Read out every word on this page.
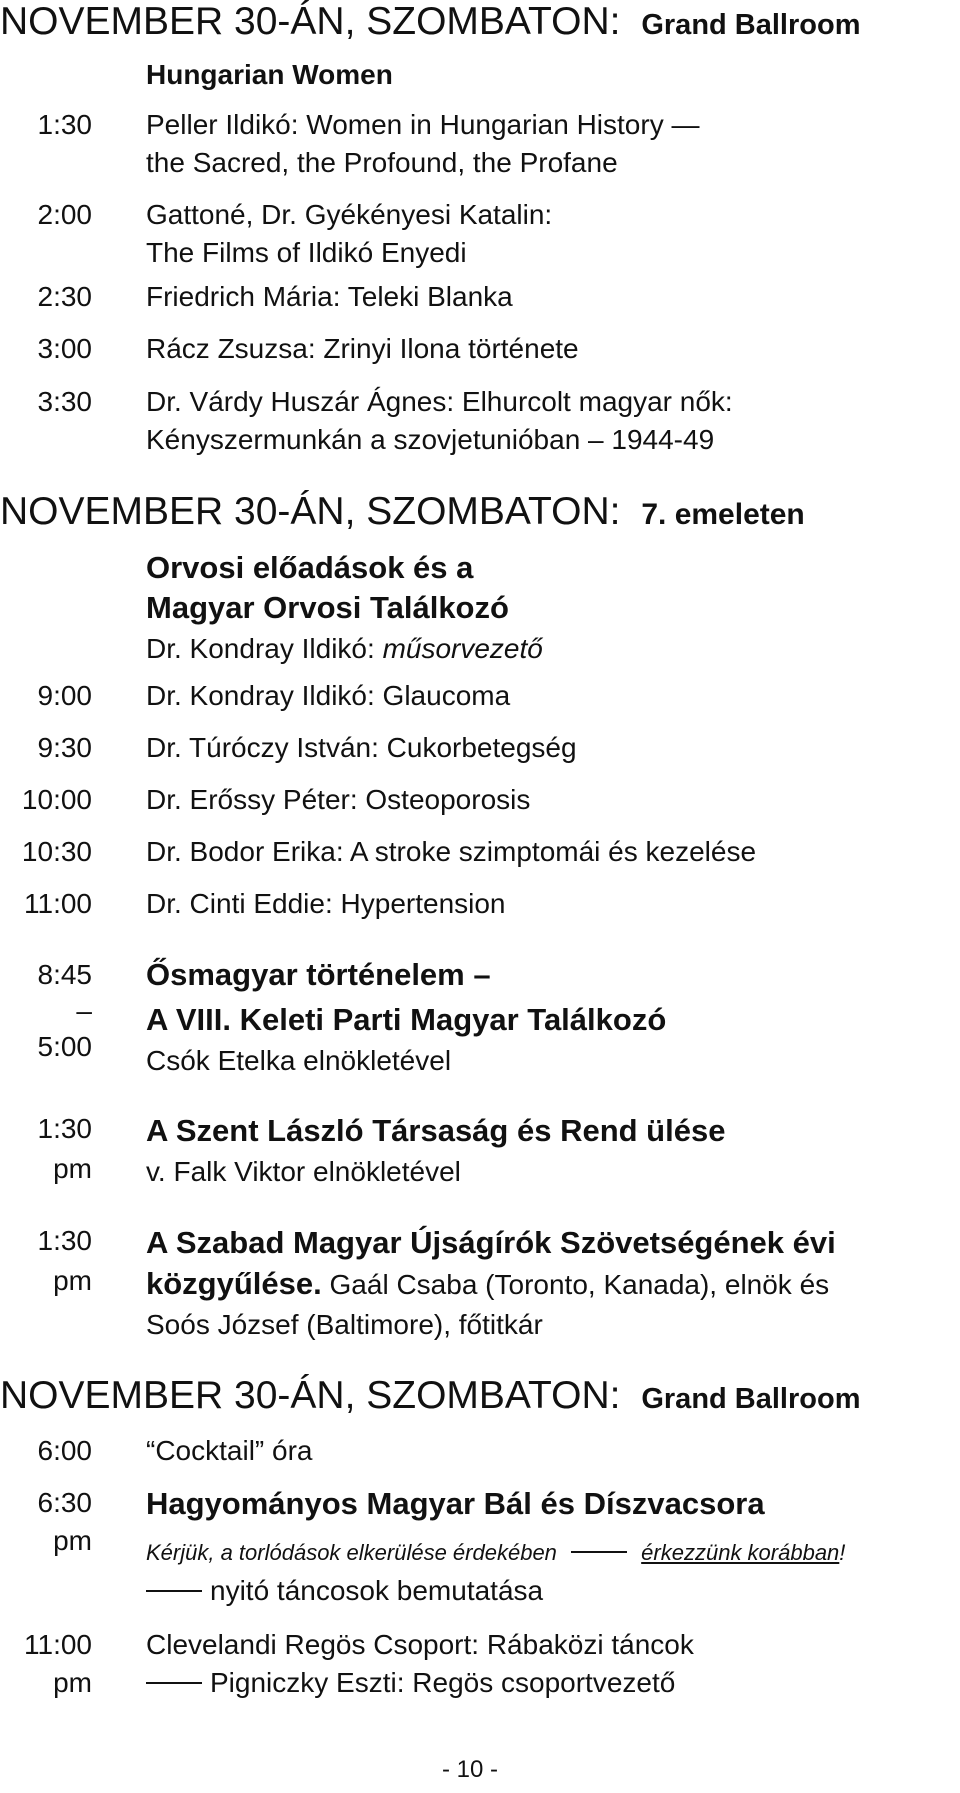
NOVEMBER 30-ÁN, SZOMBATON: Grand Ballroom
Hungarian Women
1:30 Peller Ildikó: Women in Hungarian History —
the Sacred, the Profound, the Profane
2:00 Gattoné, Dr. Gyékényesi Katalin:
The Films of Ildikó Enyedi
2:30 Friedrich Mária: Teleki Blanka
3:00 Rácz Zsuzsa: Zrinyi Ilona története
3:30 Dr. Várdy Huszár Ágnes: Elhurcolt magyar nők:
Kényszermunkán a szovjetunióban – 1944-49
NOVEMBER 30-ÁN, SZOMBATON: 7. emeleten
Orvosi előadások és a
Magyar Orvosi Találkozó
Dr. Kondray Ildikó: műsorvezető
9:00 Dr. Kondray Ildikó: Glaucoma
9:30 Dr. Túróczy István: Cukorbetegség
10:00 Dr. Erőssy Péter: Osteoporosis
10:30 Dr. Bodor Erika: A stroke szimptomái és kezelése
11:00 Dr. Cinti Eddie: Hypertension
8:45
–
5:00
Ősmagyar történelem –
A VIII. Keleti Parti Magyar Találkozó
Csók Etelka elnökletével
1:30
pm
A Szent László Társaság és Rend ülése
v. Falk Viktor elnökletével
1:30
pm
A Szabad Magyar Újságírók Szövetségének évi
közgyűlése. Gaál Csaba (Toronto, Kanada), elnök és
Soós József (Baltimore), főtitkár
NOVEMBER 30-ÁN, SZOMBATON: Grand Ballroom
6:00 “Cocktail” óra
6:30
pm
Hagyományos Magyar Bál és Díszvacsora
Kérjük, a torlódások elkerülése érdekében	érkezzünk korábban!
nyitó táncosok bemutatása
11:00
pm
Clevelandi Regös Csoport: Rábaközi táncok
Pigniczky Eszti: Regös csoportvezető
- 10 -
